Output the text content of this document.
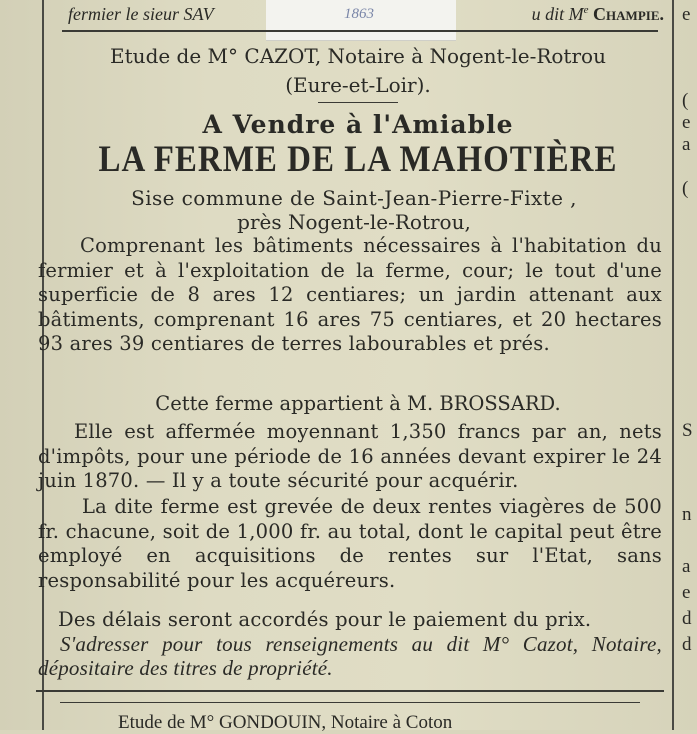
e
(
e
a
(
S
n
a
e
d
d
fermier le sieur SAV	u dit Me Champie.
1863
Etude de M° CAZOT, Notaire à Nogent-le-Rotrou
(Eure-et-Loir).
A Vendre à l'Amiable
LA FERME DE LA MAHOTIÈRE
Sise commune de Saint-Jean-Pierre-Fixte ,
près Nogent-le-Rotrou,

Comprenant les bâtiments nécessaires à l'habitation du fermier et à l'exploitation de la ferme, cour; le tout d'une superficie de 8 ares 12 centiares; un jardin attenant aux bâtiments, comprenant 16 ares 75 centiares, et 20 hectares 93 ares 39 centiares de terres labourables et prés.

Cette ferme appartient à M. BROSSARD.

Elle est affermée moyennant 1,350 francs par an, nets d'impôts, pour une période de 16 années devant expirer le 24 juin 1870. — Il y a toute sécurité pour acquérir.

La dite ferme est grevée de deux rentes viagères de 500 fr. chacune, soit de 1,000 fr. au total, dont le capital peut être employé en acquisitions de rentes sur l'Etat, sans responsabilité pour les acquéreurs.

Des délais seront accordés pour le paiement du prix.

S'adresser pour tous renseignements au dit M° Cazot, Notaire, dépositaire des titres de propriété.

Etude de M° GONDOUIN, Notaire à Coton
